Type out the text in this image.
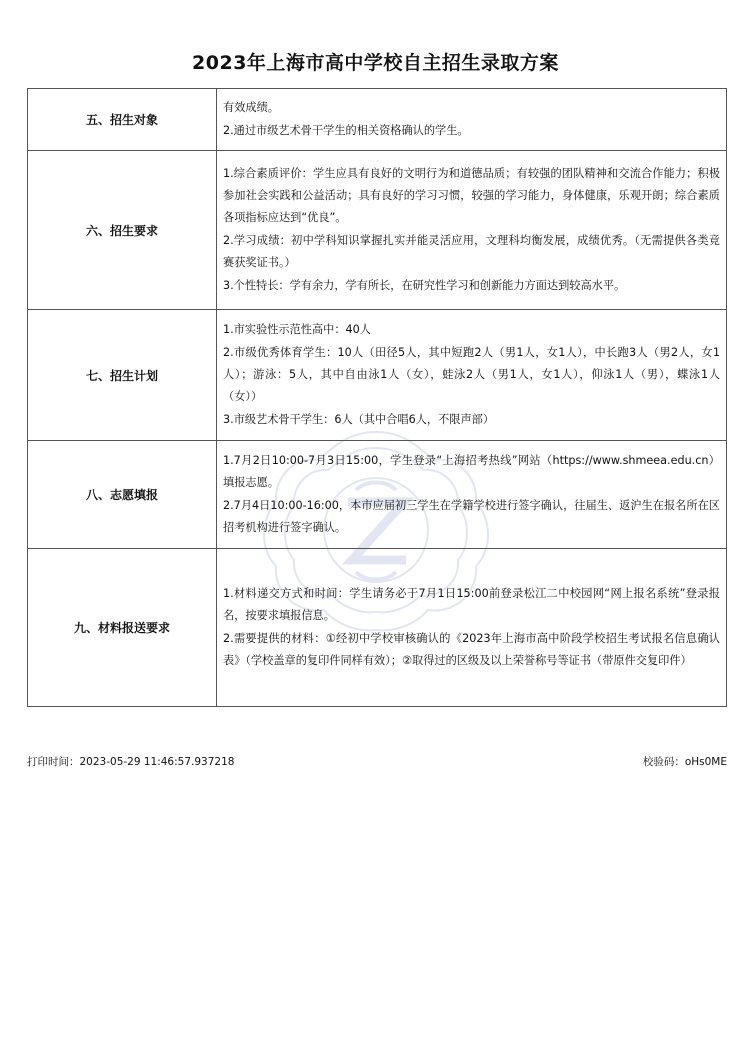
2023年上海市高中学校自主招生录取方案
五、招生对象	有效成绩。

2.通过市级艺术骨干学生的相关资格确认的学生。

六、招生要求	1.综合素质评价：学生应具有良好的文明行为和道德品质；有较强的团队精神和交流合作能力；积极参加社会实践和公益活动；具有良好的学习习惯，较强的学习能力，身体健康，乐观开朗；综合素质各项指标应达到“优良”。

2.学习成绩：初中学科知识掌握扎实并能灵活应用，文理科均衡发展，成绩优秀。（无需提供各类竞赛获奖证书。）

3.个性特长：学有余力，学有所长，在研究性学习和创新能力方面达到较高水平。

七、招生计划	1.市实验性示范性高中：40人

2.市级优秀体育学生：10人（田径5人，其中短跑2人（男1人，女1人），中长跑3人（男2人，女1人）；游泳：5人，其中自由泳1人（女），蛙泳2人（男1人，女1人），仰泳1人（男），蝶泳1人（女））

3.市级艺术骨干学生：6人（其中合唱6人，不限声部）

八、志愿填报	1.7月2日10:00-7月3日15:00，学生登录“上海招考热线”网站（https://www.shmeea.edu.cn）填报志愿。

2.7月4日10:00-16:00，本市应届初三学生在学籍学校进行签字确认，往届生、返沪生在报名所在区招考机构进行签字确认。

九、材料报送要求	1.材料递交方式和时间：学生请务必于7月1日15:00前登录松江二中校园网“网上报名系统”登录报名，按要求填报信息。

2.需要提供的材料：①经初中学校审核确认的《2023年上海市高中阶段学校招生考试报名信息确认表》（学校盖章的复印件同样有效）；②取得过的区级及以上荣誉称号等证书（带原件交复印件）

打印时间：2023-05-29 11:46:57.937218	校验码：oHs0ME
